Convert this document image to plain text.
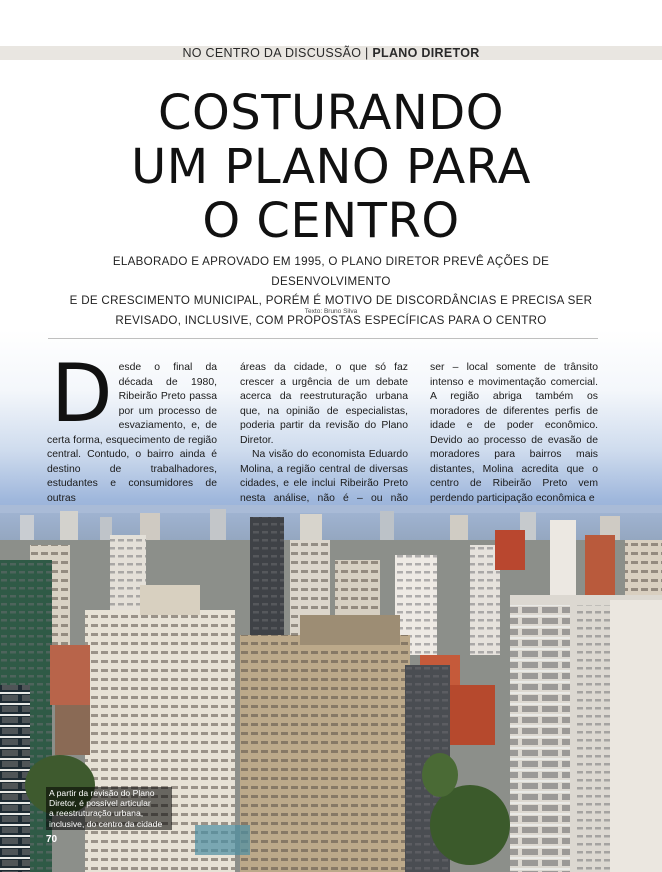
NO CENTRO DA DISCUSSÃO | PLANO DIRETOR
COSTURANDO
UM PLANO PARA
O CENTRO

ELABORADO E APROVADO EM 1995, O PLANO DIRETOR PREVÊ AÇÕES DE DESENVOLVIMENTO
E DE CRESCIMENTO MUNICIPAL, PORÉM É MOTIVO DE DISCORDÂNCIAS E PRECISA SER
REVISADO, INCLUSIVE, COM PROPOSTAS ESPECÍFICAS PARA O CENTRO

Texto: Bruno Silva
D esde o final da década de 1980, Ribeirão Preto passa por um processo de esvaziamento, e, de certa forma, esquecimento de região central. Contudo, o bairro ainda é destino de trabalhadores, estudantes e consumidores de outras

áreas da cidade, o que só faz crescer a urgência de um debate acerca da reestruturação urbana que, na opinião de especialistas, poderia partir da revisão do Plano Diretor.

Na visão do economista Eduardo Molina, a região central de diversas cidades, e ele inclui Ribeirão Preto nesta análise, não é – ou não

ser – local somente de trânsito intenso e movimentação comercial. A região abriga também os moradores de diferentes perfis de idade e de poder econômico. Devido ao processo de evasão de moradores para bairros mais distantes, Molina acredita que o centro de Ribeirão Preto vem perdendo participação econômica e

A partir da revisão do Plano
Diretor, é possível articular
a reestruturação urbana,
inclusive, do centro da cidade
70
